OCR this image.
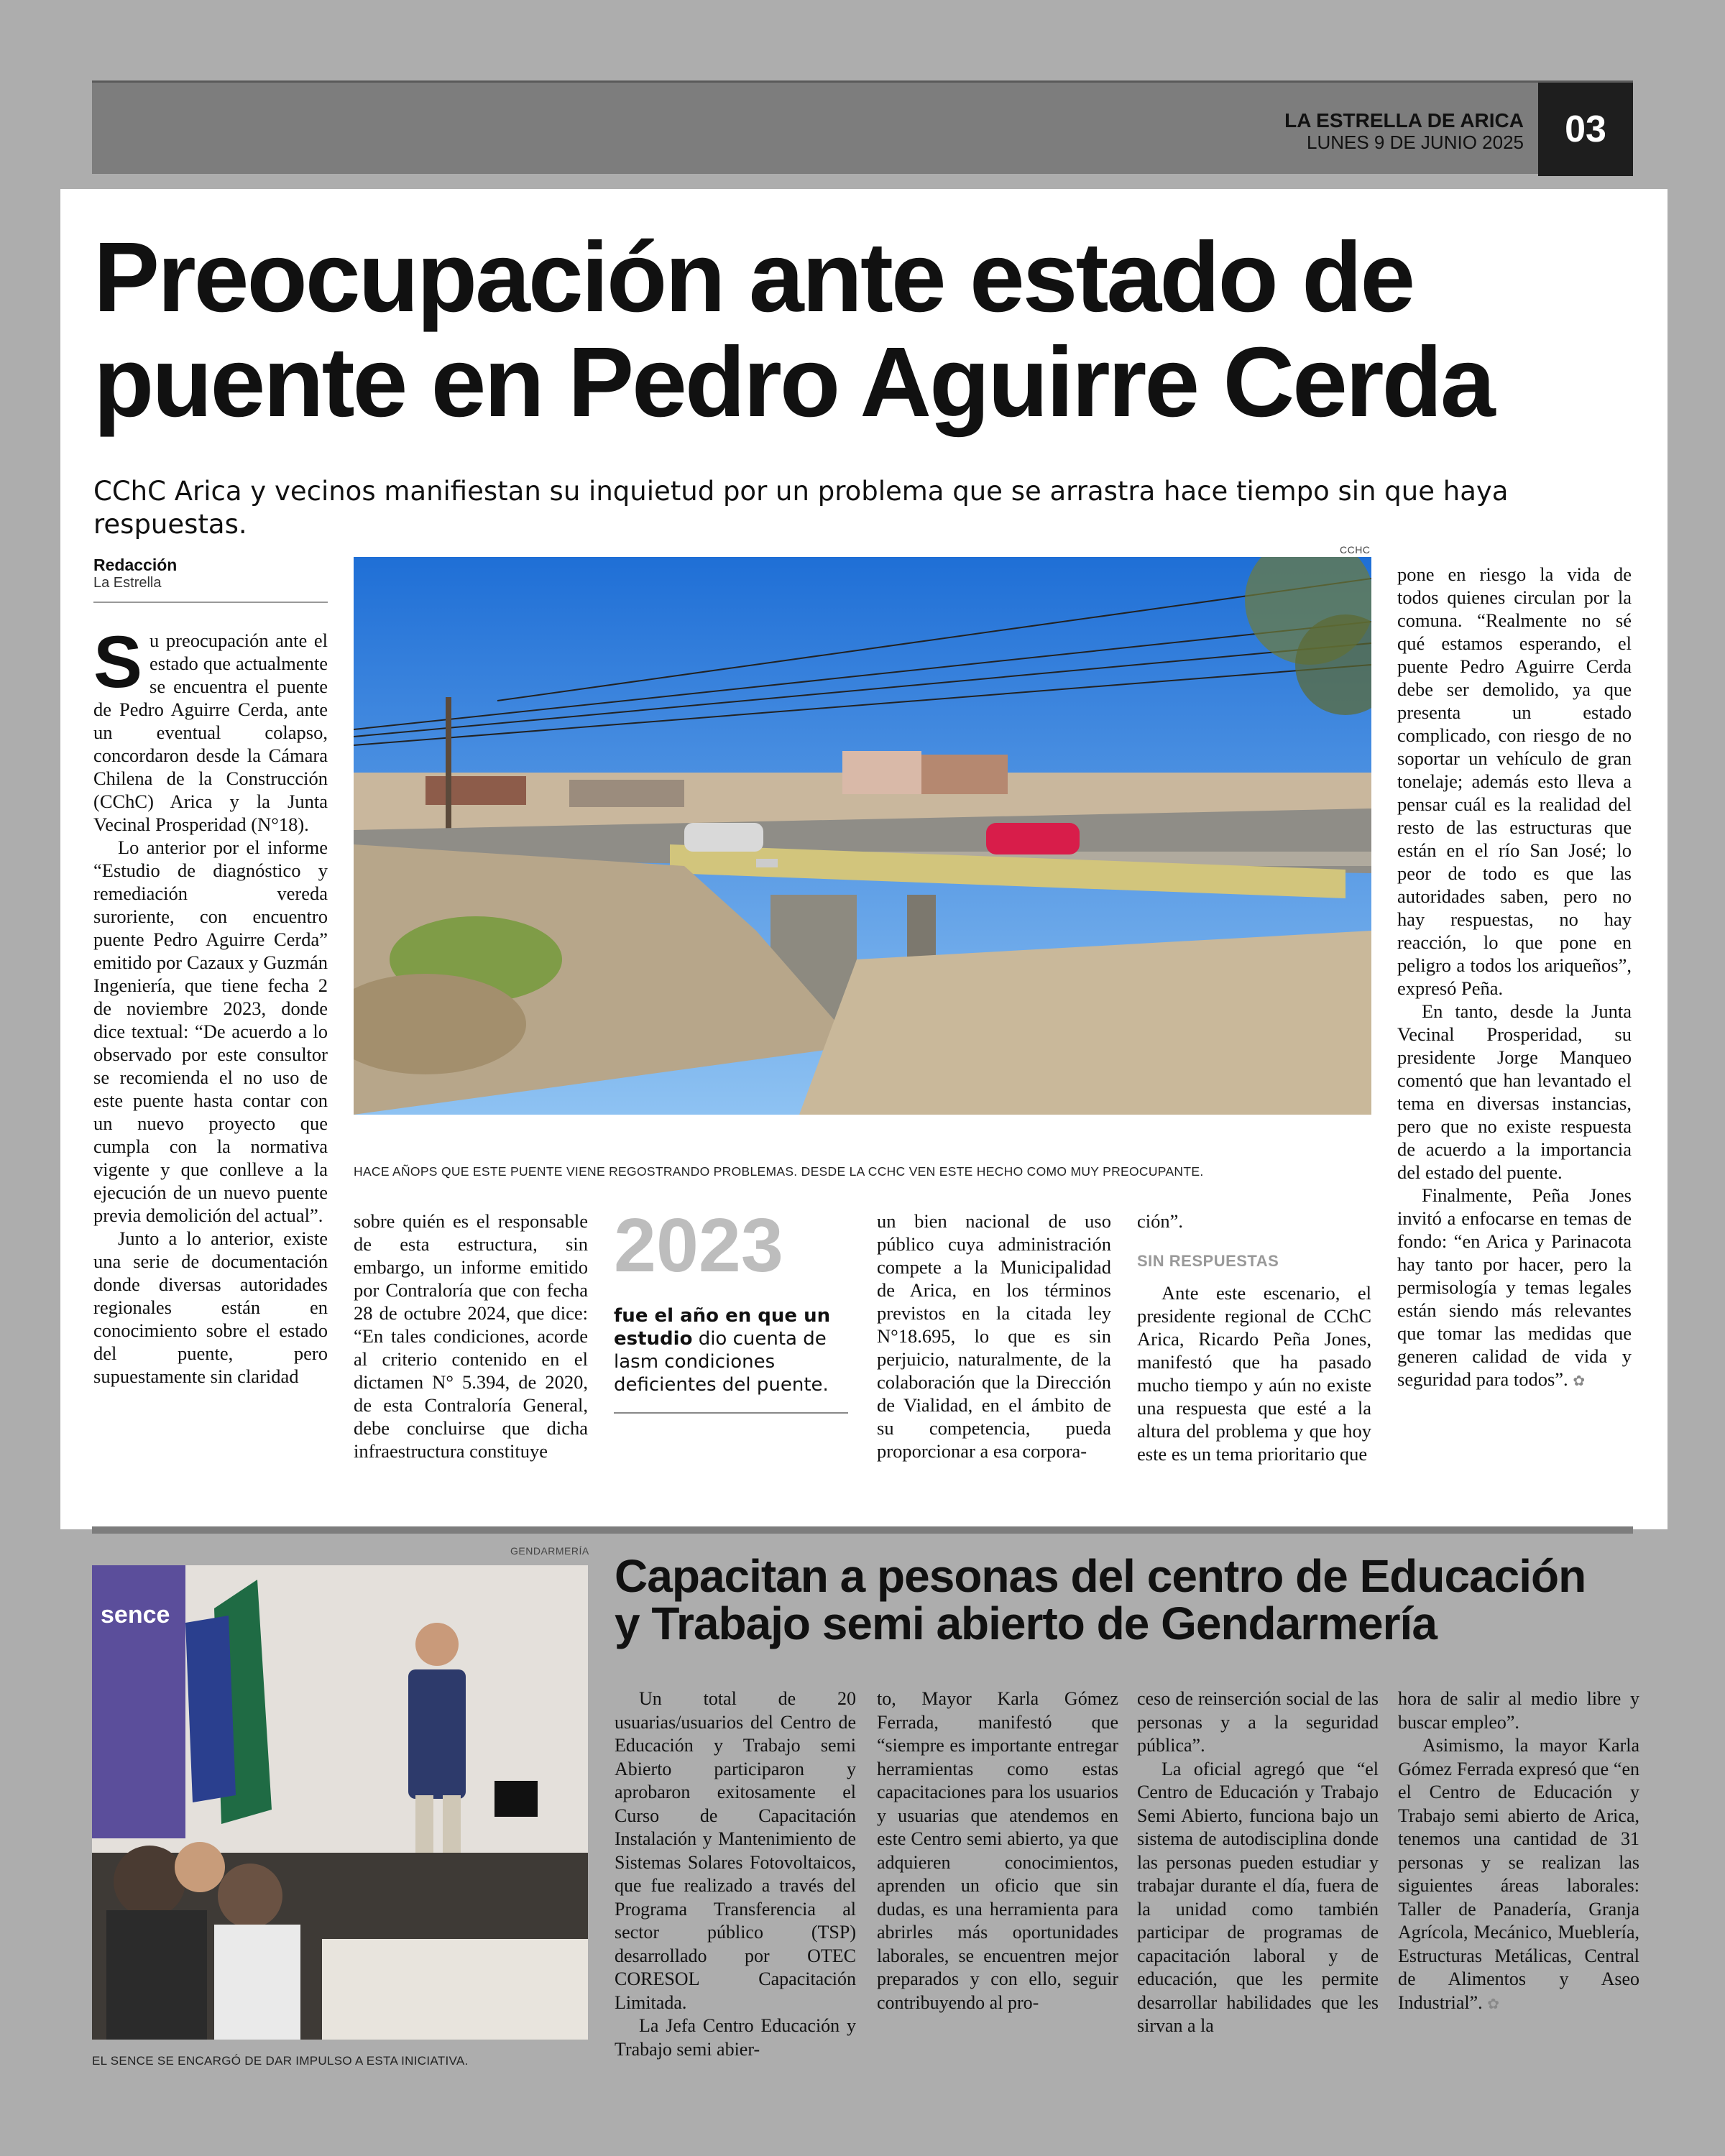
LA ESTRELLA DE ARICA
LUNES 9 DE JUNIO 2025	03
Preocupación ante estado de
puente en Pedro Aguirre Cerda
CChC Arica y vecinos manifiestan su inquietud por un problema que se arrastra hace tiempo sin que haya respuestas.
Redacción
La Estrella

Su preocupación ante el estado que actualmente se encuentra el puente de Pedro Aguirre Cerda, ante un eventual colapso, concordaron desde la Cámara Chilena de la Construcción (CChC) Arica y la Junta Vecinal Prosperidad (N°18).

Lo anterior por el informe “Estudio de diagnóstico y remediación vereda suroriente, con encuentro puente Pedro Aguirre Cerda” emitido por Cazaux y Guzmán Ingeniería, que tiene fecha 2 de noviembre 2023, donde dice textual: “De acuerdo a lo observado por este consultor se recomienda el no uso de este puente hasta contar con un nuevo proyecto que cumpla con la normativa vigente y que conlleve a la ejecución de un nuevo puente previa demolición del actual”.

Junto a lo anterior, existe una serie de documentación donde diversas autoridades regionales están en conocimiento sobre el estado del puente, pero supuestamente sin claridad

CCHC
HACE AÑOPS QUE ESTE PUENTE VIENE REGOSTRANDO PROBLEMAS. DESDE LA CCHC VEN ESTE HECHO COMO MUY PREOCUPANTE.

sobre quién es el responsable de esta estructura, sin embargo, un informe emitido por Contraloría que con fecha 28 de octubre 2024, que dice: “En tales condiciones, acorde al criterio contenido en el dictamen N° 5.394, de 2020, de esta Contraloría General, debe concluirse que dicha infraestructura constituye

2023
fue el año en que un estudio dio cuenta de lasm condiciones deficientes del puente.

un bien nacional de uso público cuya administración compete a la Municipalidad de Arica, en los términos previstos en la citada ley N°18.695, lo que es sin perjuicio, naturalmente, de la colaboración que la Dirección de Vialidad, en el ámbito de su competencia, pueda proporcionar a esa corpora-

ción”.

SIN RESPUESTAS

Ante este escenario, el presidente regional de CChC Arica, Ricardo Peña Jones, manifestó que ha pasado mucho tiempo y aún no existe una respuesta que esté a la altura del problema y que hoy este es un tema prioritario que

pone en riesgo la vida de todos quienes circulan por la comuna. “Realmente no sé qué estamos esperando, el puente Pedro Aguirre Cerda debe ser demolido, ya que presenta un estado complicado, con riesgo de no soportar un vehículo de gran tonelaje; además esto lleva a pensar cuál es la realidad del resto de las estructuras que están en el río San José; lo peor de todo es que las autoridades saben, pero no hay respuestas, no hay reacción, lo que pone en peligro a todos los ariqueños”, expresó Peña.

En tanto, desde la Junta Vecinal Prosperidad, su presidente Jorge Manqueo comentó que han levantado el tema en diversas instancias, pero que no existe respuesta de acuerdo a la importancia del estado del puente.

Finalmente, Peña Jones invitó a enfocarse en temas de fondo: “en Arica y Parinacota hay tanto por hacer, pero la permisología y temas legales están siendo más relevantes que tomar las medidas que generen calidad de vida y seguridad para todos”. ✿

GENDARMERÍA
sence
EL SENCE SE ENCARGÓ DE DAR IMPULSO A ESTA INICIATIVA.
Capacitan a pesonas del centro de Educación
y Trabajo semi abierto de Gendarmería

Un total de 20 usuarias/usuarios del Centro de Educación y Trabajo semi Abierto participaron y aprobaron exitosamente el Curso de Capacitación Instalación y Mantenimiento de Sistemas Solares Fotovoltaicos, que fue realizado a través del Programa Transferencia al sector público (TSP) desarrollado por OTEC CORESOL Capacitación Limitada.

La Jefa Centro Educación y Trabajo semi abier-

to, Mayor Karla Gómez Ferrada, manifestó que “siempre es importante entregar herramientas como estas capacitaciones para los usuarios y usuarias que atendemos en este Centro semi abierto, ya que adquieren conocimientos, aprenden un oficio que sin dudas, es una herramienta para abrirles más oportunidades laborales, se encuentren mejor preparados y con ello, seguir contribuyendo al pro-

ceso de reinserción social de las personas y a la seguridad pública”.

La oficial agregó que “el Centro de Educación y Trabajo Semi Abierto, funciona bajo un sistema de autodisciplina donde las personas pueden estudiar y trabajar durante el día, fuera de la unidad como también participar de programas de capacitación laboral y de educación, que les permite desarrollar habilidades que les sirvan a la

hora de salir al medio libre y buscar empleo”.

Asimismo, la mayor Karla Gómez Ferrada expresó que “en el Centro de Educación y Trabajo semi abierto de Arica, tenemos una cantidad de 31 personas y se realizan las siguientes áreas laborales: Taller de Panadería, Granja Agrícola, Mecánico, Mueblería, Estructuras Metálicas, Central de Alimentos y Aseo Industrial”. ✿
